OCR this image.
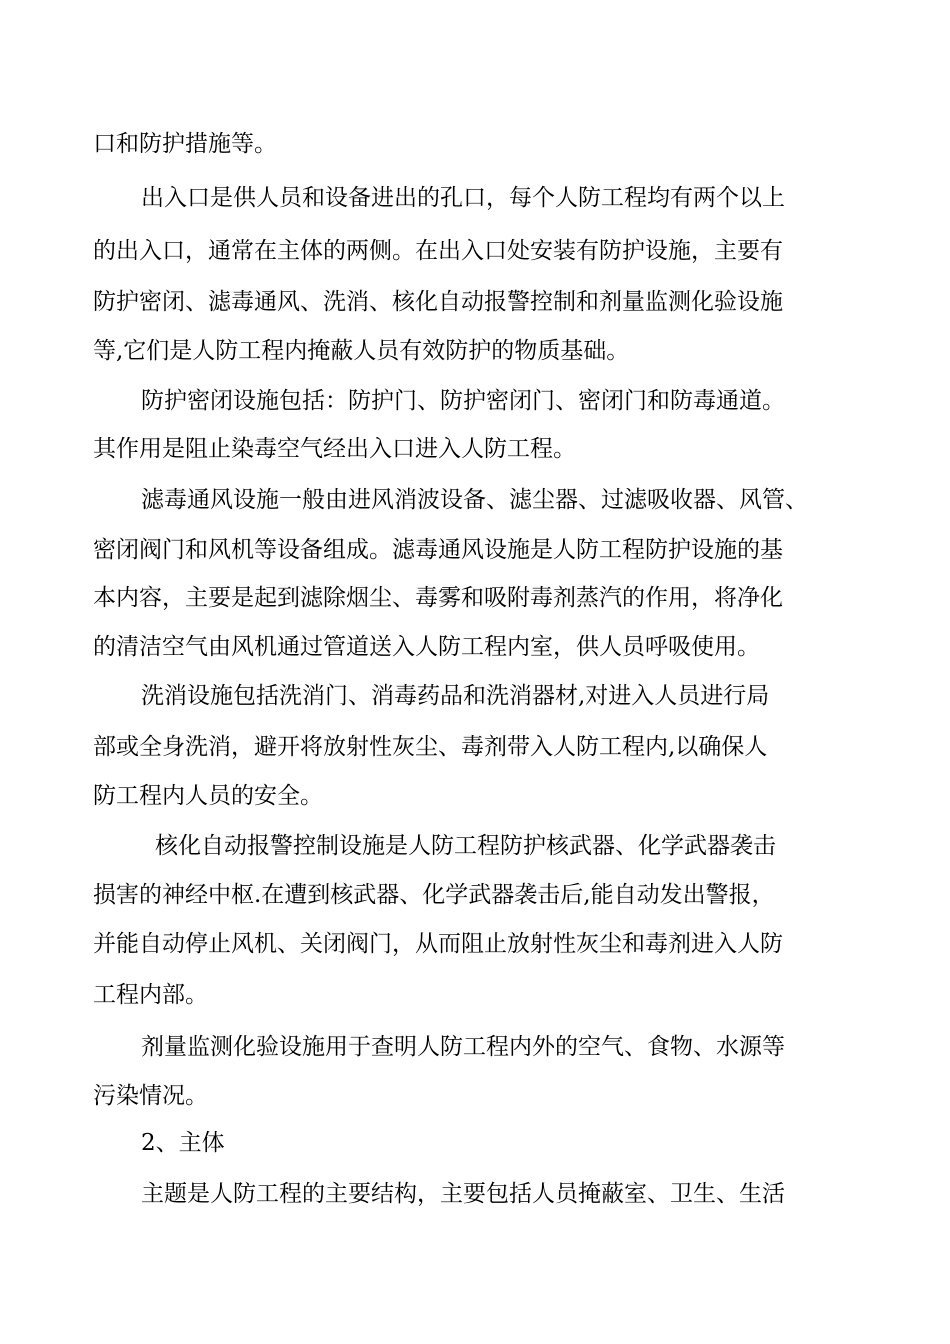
口和防护措施等。
出入口是供人员和设备进出的孔口，每个人防工程均有两个以上
的出入口，通常在主体的两侧。在出入口处安装有防护设施，主要有
防护密闭、滤毒通风、洗消、核化自动报警控制和剂量监测化验设施
等,它们是人防工程内掩蔽人员有效防护的物质基础。
防护密闭设施包括：防护门、防护密闭门、密闭门和防毒通道。
其作用是阻止染毒空气经出入口进入人防工程。
滤毒通风设施一般由进风消波设备、滤尘器、过滤吸收器、风管、
密闭阀门和风机等设备组成。滤毒通风设施是人防工程防护设施的基
本内容，主要是起到滤除烟尘、毒雾和吸附毒剂蒸汽的作用，将净化
的清洁空气由风机通过管道送入人防工程内室，供人员呼吸使用。
洗消设施包括洗消门、消毒药品和洗消器材,对进入人员进行局
部或全身洗消，避开将放射性灰尘、毒剂带入人防工程内,以确保人
防工程内人员的安全。
核化自动报警控制设施是人防工程防护核武器、化学武器袭击
损害的神经中枢.在遭到核武器、化学武器袭击后,能自动发出警报，
并能自动停止风机、关闭阀门，从而阻止放射性灰尘和毒剂进入人防
工程内部。
剂量监测化验设施用于查明人防工程内外的空气、食物、水源等
污染情况。
2、主体
主题是人防工程的主要结构，主要包括人员掩蔽室、卫生、生活
